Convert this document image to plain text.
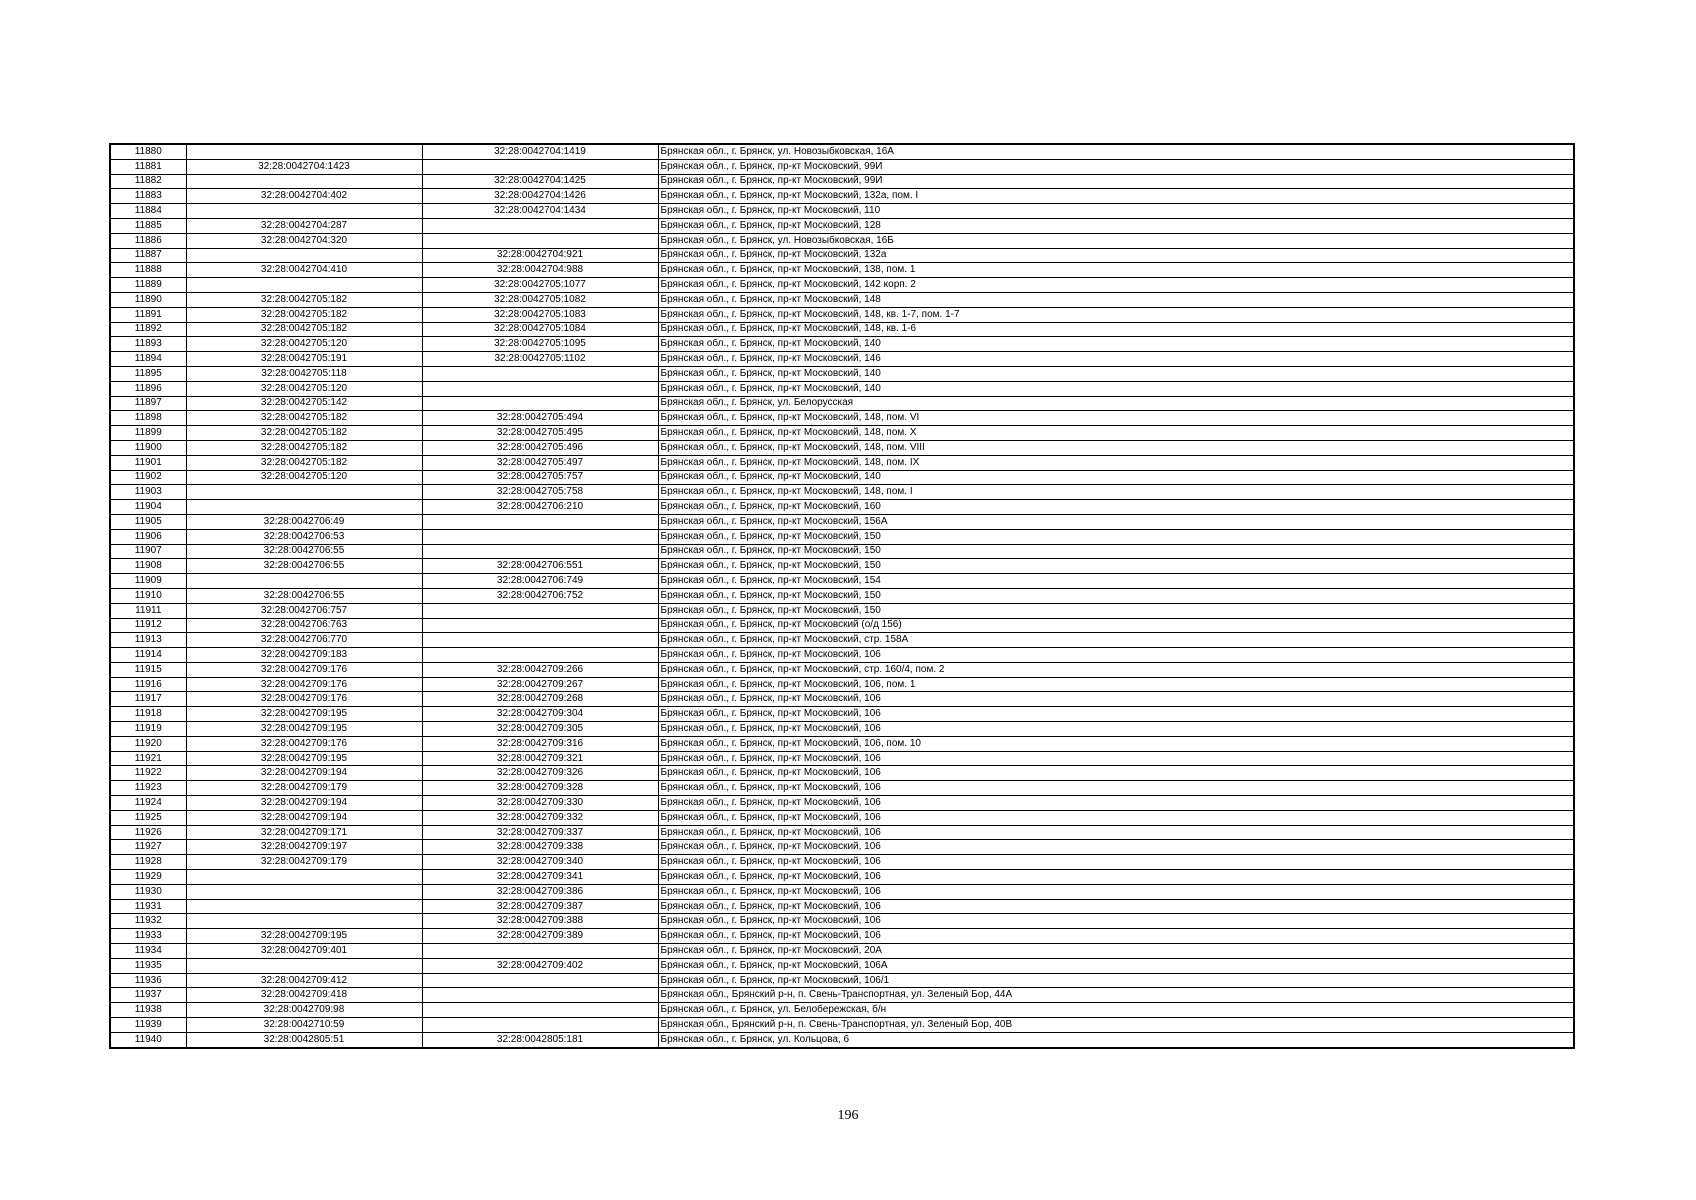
11880		32:28:0042704:1419	Брянская обл., г. Брянск, ул. Новозыбковская, 16А
11881	32:28:0042704:1423		Брянская обл., г. Брянск, пр-кт Московский, 99И
11882		32:28:0042704:1425	Брянская обл., г. Брянск, пр-кт Московский, 99И
11883	32:28:0042704:402	32:28:0042704:1426	Брянская обл., г. Брянск, пр-кт Московский, 132а, пом. I
11884		32:28:0042704:1434	Брянская обл., г. Брянск, пр-кт Московский, 110
11885	32:28:0042704:287		Брянская обл., г. Брянск, пр-кт Московский, 128
11886	32:28:0042704:320		Брянская обл., г. Брянск, ул. Новозыбковская, 16Б
11887		32:28:0042704:921	Брянская обл., г. Брянск, пр-кт Московский, 132а
11888	32:28:0042704:410	32:28:0042704:988	Брянская обл., г. Брянск, пр-кт Московский, 138, пом. 1
11889		32:28:0042705:1077	Брянская обл., г. Брянск, пр-кт Московский, 142 корп. 2
11890	32:28:0042705:182	32:28:0042705:1082	Брянская обл., г. Брянск, пр-кт Московский, 148
11891	32:28:0042705:182	32:28:0042705:1083	Брянская обл., г. Брянск, пр-кт Московский, 148, кв. 1-7, пом. 1-7
11892	32:28:0042705:182	32:28:0042705:1084	Брянская обл., г. Брянск, пр-кт Московский, 148, кв. 1-6
11893	32:28:0042705:120	32:28:0042705:1095	Брянская обл., г. Брянск, пр-кт Московский, 140
11894	32:28:0042705:191	32:28:0042705:1102	Брянская обл., г. Брянск, пр-кт Московский, 146
11895	32:28:0042705:118		Брянская обл., г. Брянск, пр-кт Московский, 140
11896	32:28:0042705:120		Брянская обл., г. Брянск, пр-кт Московский, 140
11897	32:28:0042705:142		Брянская обл., г. Брянск, ул. Белорусская
11898	32:28:0042705:182	32:28:0042705:494	Брянская обл., г. Брянск, пр-кт Московский, 148, пом. VI
11899	32:28:0042705:182	32:28:0042705:495	Брянская обл., г. Брянск, пр-кт Московский, 148, пом. X
11900	32:28:0042705:182	32:28:0042705:496	Брянская обл., г. Брянск, пр-кт Московский, 148, пом. VIII
11901	32:28:0042705:182	32:28:0042705:497	Брянская обл., г. Брянск, пр-кт Московский, 148, пом. IX
11902	32:28:0042705:120	32:28:0042705:757	Брянская обл., г. Брянск, пр-кт Московский, 140
11903		32:28:0042705:758	Брянская обл., г. Брянск, пр-кт Московский, 148, пом. I
11904		32:28:0042706:210	Брянская обл., г. Брянск, пр-кт Московский, 160
11905	32:28:0042706:49		Брянская обл., г. Брянск, пр-кт Московский, 156А
11906	32:28:0042706:53		Брянская обл., г. Брянск, пр-кт Московский, 150
11907	32:28:0042706:55		Брянская обл., г. Брянск, пр-кт Московский, 150
11908	32:28:0042706:55	32:28:0042706:551	Брянская обл., г. Брянск, пр-кт Московский, 150
11909		32:28:0042706:749	Брянская обл., г. Брянск, пр-кт Московский, 154
11910	32:28:0042706:55	32:28:0042706:752	Брянская обл., г. Брянск, пр-кт Московский, 150
11911	32:28:0042706:757		Брянская обл., г. Брянск, пр-кт Московский, 150
11912	32:28:0042706:763		Брянская обл., г. Брянск, пр-кт Московский (о/д 156)
11913	32:28:0042706:770		Брянская обл., г. Брянск, пр-кт Московский, стр. 158А
11914	32:28:0042709:183		Брянская обл., г. Брянск, пр-кт Московский, 106
11915	32:28:0042709:176	32:28:0042709:266	Брянская обл., г. Брянск, пр-кт Московский, стр. 160/4, пом. 2
11916	32:28:0042709:176	32:28:0042709:267	Брянская обл., г. Брянск, пр-кт Московский, 106, пом. 1
11917	32:28:0042709:176	32:28:0042709:268	Брянская обл., г. Брянск, пр-кт Московский, 106
11918	32:28:0042709:195	32:28:0042709:304	Брянская обл., г. Брянск, пр-кт Московский, 106
11919	32:28:0042709:195	32:28:0042709:305	Брянская обл., г. Брянск, пр-кт Московский, 106
11920	32:28:0042709:176	32:28:0042709:316	Брянская обл., г. Брянск, пр-кт Московский, 106, пом. 10
11921	32:28:0042709:195	32:28:0042709:321	Брянская обл., г. Брянск, пр-кт Московский, 106
11922	32:28:0042709:194	32:28:0042709:326	Брянская обл., г. Брянск, пр-кт Московский, 106
11923	32:28:0042709:179	32:28:0042709:328	Брянская обл., г. Брянск, пр-кт Московский, 106
11924	32:28:0042709:194	32:28:0042709:330	Брянская обл., г. Брянск, пр-кт Московский, 106
11925	32:28:0042709:194	32:28:0042709:332	Брянская обл., г. Брянск, пр-кт Московский, 106
11926	32:28:0042709:171	32:28:0042709:337	Брянская обл., г. Брянск, пр-кт Московский, 106
11927	32:28:0042709:197	32:28:0042709:338	Брянская обл., г. Брянск, пр-кт Московский, 106
11928	32:28:0042709:179	32:28:0042709:340	Брянская обл., г. Брянск, пр-кт Московский, 106
11929		32:28:0042709:341	Брянская обл., г. Брянск, пр-кт Московский, 106
11930		32:28:0042709:386	Брянская обл., г. Брянск, пр-кт Московский, 106
11931		32:28:0042709:387	Брянская обл., г. Брянск, пр-кт Московский, 106
11932		32:28:0042709:388	Брянская обл., г. Брянск, пр-кт Московский, 106
11933	32:28:0042709:195	32:28:0042709:389	Брянская обл., г. Брянск, пр-кт Московский, 106
11934	32:28:0042709:401		Брянская обл., г. Брянск, пр-кт Московский, 20А
11935		32:28:0042709:402	Брянская обл., г. Брянск, пр-кт Московский, 106А
11936	32:28:0042709:412		Брянская обл., г. Брянск, пр-кт Московский, 106/1
11937	32:28:0042709:418		Брянская обл., Брянский р-н, п. Свень-Транспортная, ул. Зеленый Бор, 44А
11938	32:28:0042709:98		Брянская обл., г. Брянск, ул. Белобережская, б/н
11939	32:28:0042710:59		Брянская обл., Брянский р-н, п. Свень-Транспортная, ул. Зеленый Бор, 40В
11940	32:28:0042805:51	32:28:0042805:181	Брянская обл., г. Брянск, ул. Кольцова, 6
196
